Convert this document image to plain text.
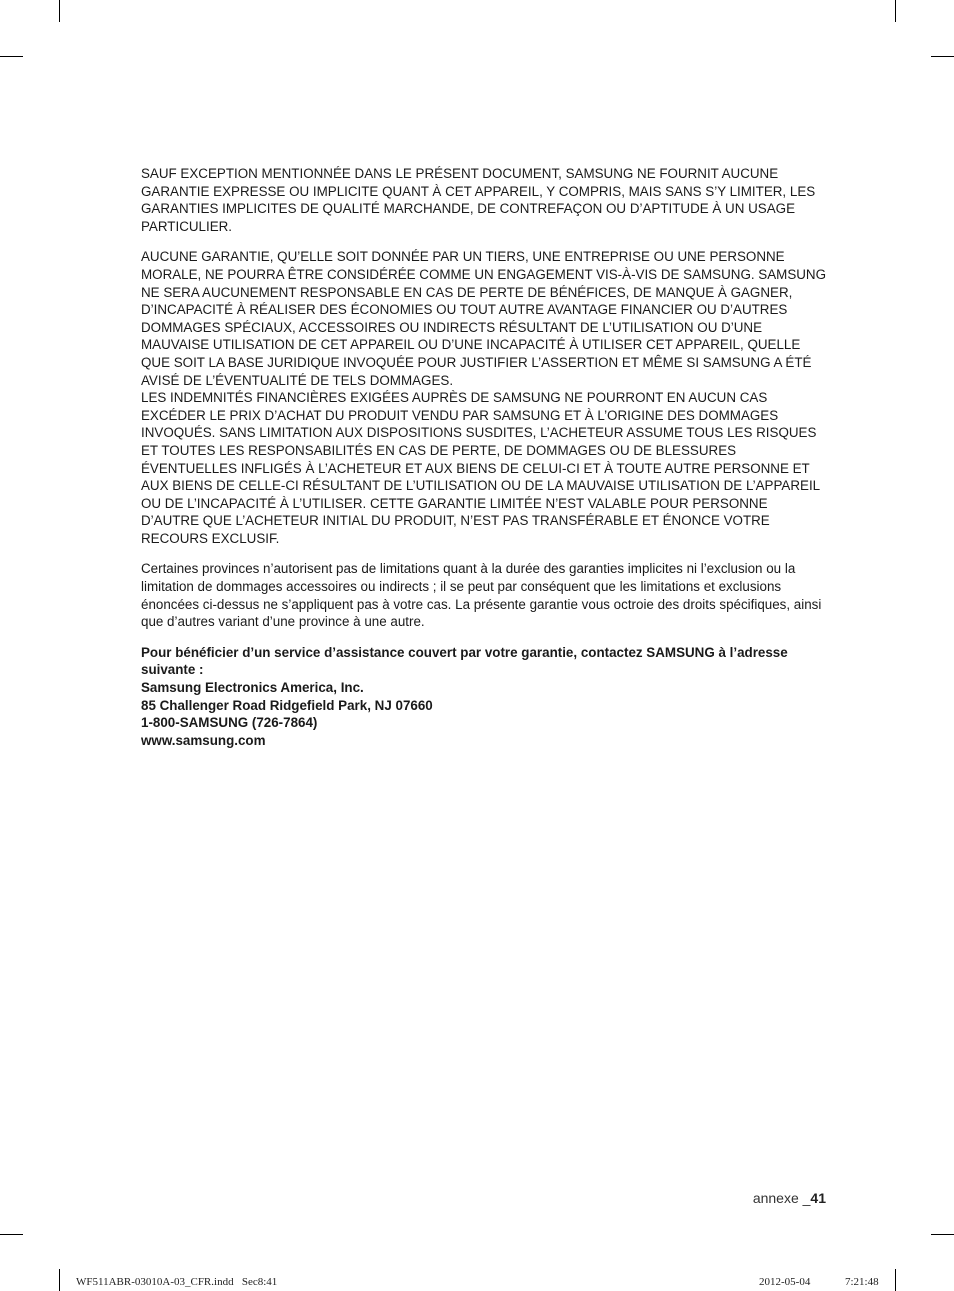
SAUF EXCEPTION MENTIONNÉE DANS LE PRÉSENT DOCUMENT, SAMSUNG NE FOURNIT AUCUNE GARANTIE EXPRESSE OU IMPLICITE QUANT À CET APPAREIL, Y COMPRIS, MAIS SANS S’Y LIMITER, LES GARANTIES IMPLICITES DE QUALITÉ MARCHANDE, DE CONTREFAÇON OU D’APTITUDE À UN USAGE PARTICULIER.

AUCUNE GARANTIE, QU’ELLE SOIT DONNÉE PAR UN TIERS, UNE ENTREPRISE OU UNE PERSONNE MORALE, NE POURRA ÊTRE CONSIDÉRÉE COMME UN ENGAGEMENT VIS-À-VIS DE SAMSUNG. SAMSUNG NE SERA AUCUNEMENT RESPONSABLE EN CAS DE PERTE DE BÉNÉFICES, DE MANQUE À GAGNER, D’INCAPACITÉ À RÉALISER DES ÉCONOMIES OU TOUT AUTRE AVANTAGE FINANCIER OU D’AUTRES DOMMAGES SPÉCIAUX, ACCESSOIRES OU INDIRECTS RÉSULTANT DE L’UTILISATION OU D’UNE MAUVAISE UTILISATION DE CET APPAREIL OU D’UNE INCAPACITÉ À UTILISER CET APPAREIL, QUELLE QUE SOIT LA BASE JURIDIQUE INVOQUÉE POUR JUSTIFIER L’ASSERTION ET MÊME SI SAMSUNG A ÉTÉ AVISÉ DE L’ÉVENTUALITÉ DE TELS DOMMAGES.

LES INDEMNITÉS FINANCIÈRES EXIGÉES AUPRÈS DE SAMSUNG NE POURRONT EN AUCUN CAS EXCÉDER LE PRIX D’ACHAT DU PRODUIT VENDU PAR SAMSUNG ET À L’ORIGINE DES DOMMAGES INVOQUÉS. SANS LIMITATION AUX DISPOSITIONS SUSDITES, L’ACHETEUR ASSUME TOUS LES RISQUES ET TOUTES LES RESPONSABILITÉS EN CAS DE PERTE, DE DOMMAGES OU DE BLESSURES ÉVENTUELLES INFLIGÉS À L’ACHETEUR ET AUX BIENS DE CELUI-CI ET À TOUTE AUTRE PERSONNE ET AUX BIENS DE CELLE-CI RÉSULTANT DE L’UTILISATION OU DE LA MAUVAISE UTILISATION DE L’APPAREIL OU DE L’INCAPACITÉ À L’UTILISER. CETTE GARANTIE LIMITÉE N’EST VALABLE POUR PERSONNE D’AUTRE QUE L’ACHETEUR INITIAL DU PRODUIT, N’EST PAS TRANSFÉRABLE ET ÉNONCE VOTRE RECOURS EXCLUSIF.

Certaines provinces n’autorisent pas de limitations quant à la durée des garanties implicites ni l’exclusion ou la limitation de dommages accessoires ou indirects ; il se peut par conséquent que les limitations et exclusions énoncées ci-dessus ne s’appliquent pas à votre cas. La présente garantie vous octroie des droits spécifiques, ainsi que d’autres variant d’une province à une autre.

Pour bénéficier d’un service d’assistance couvert par votre garantie, contactez SAMSUNG à l’adresse suivante :

Samsung Electronics America, Inc.

85 Challenger Road Ridgefield Park, NJ 07660

1-800-SAMSUNG (726-7864)

www.samsung.com

annexe _41
WF511ABR-03010A-03_CFR.indd   Sec8:41	2012-05-04	7:21:48
